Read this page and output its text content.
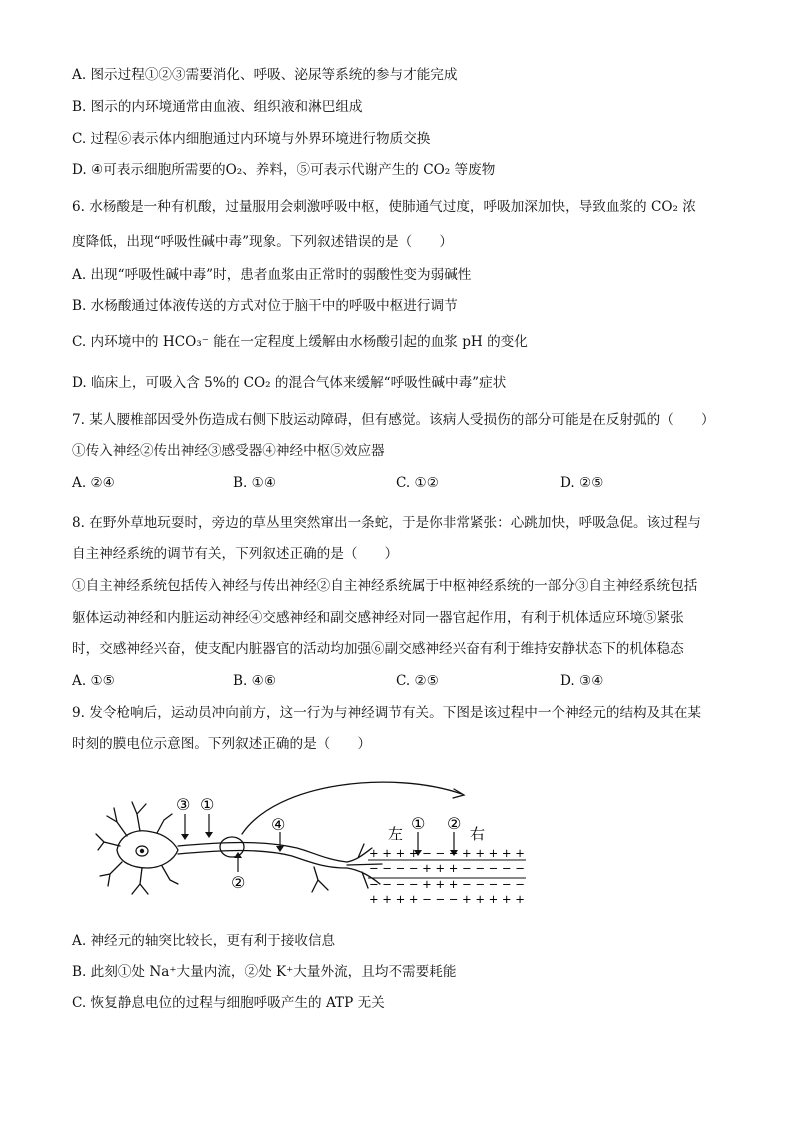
A. 图示过程①②③需要消化、呼吸、泌尿等系统的参与才能完成
B. 图示的内环境通常由血液、组织液和淋巴组成
C. 过程⑥表示体内细胞通过内环境与外界环境进行物质交换
D. ④可表示细胞所需要的O₂、养料，⑤可表示代谢产生的 CO₂ 等废物
6. 水杨酸是一种有机酸，过量服用会刺激呼吸中枢，使肺通气过度，呼吸加深加快，导致血浆的 CO₂ 浓
度降低，出现“呼吸性碱中毒”现象。下列叙述错误的是（　　）
A. 出现“呼吸性碱中毒”时，患者血浆由正常时的弱酸性变为弱碱性
B. 水杨酸通过体液传送的方式对位于脑干中的呼吸中枢进行调节
C. 内环境中的 HCO₃⁻ 能在一定程度上缓解由水杨酸引起的血浆 pH 的变化
D. 临床上，可吸入含 5%的 CO₂ 的混合气体来缓解“呼吸性碱中毒”症状
7. 某人腰椎部因受外伤造成右侧下肢运动障碍，但有感觉。该病人受损伤的部分可能是在反射弧的（　　）
①传入神经②传出神经③感受器④神经中枢⑤效应器
A. ②④	B. ①④	C. ①②	D. ②⑤
8. 在野外草地玩耍时，旁边的草丛里突然窜出一条蛇，于是你非常紧张：心跳加快，呼吸急促。该过程与
自主神经系统的调节有关，下列叙述正确的是（　　）
①自主神经系统包括传入神经与传出神经②自主神经系统属于中枢神经系统的一部分③自主神经系统包括
躯体运动神经和内脏运动神经④交感神经和副交感神经对同一器官起作用，有利于机体适应环境⑤紧张
时，交感神经兴奋，使支配内脏器官的活动均加强⑥副交感神经兴奋有利于维持安静状态下的机体稳态
A. ①⑤	B. ④⑥	C. ②⑤	D. ③④
9. 发令枪响后，运动员冲向前方，这一行为与神经调节有关。下图是该过程中一个神经元的结构及其在某
时刻的膜电位示意图。下列叙述正确的是（　　）
③ ①
④
②
左	右
① ②
+ + + + − − − + + + + +
− − − − + + + − − − − −
− − − − + + + − − − − −
+ + + + − − − + + + + +
A. 神经元的轴突比较长，更有利于接收信息
B. 此刻①处 Na⁺大量内流，②处 K⁺大量外流，且均不需要耗能
C. 恢复静息电位的过程与细胞呼吸产生的 ATP 无关
